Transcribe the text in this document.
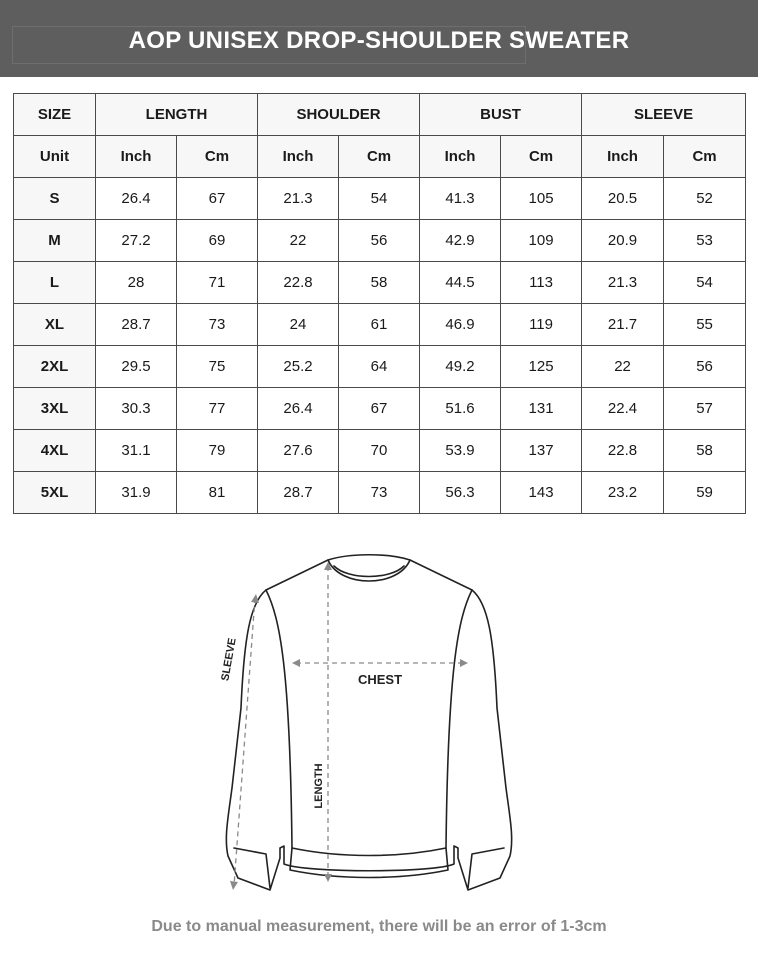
AOP UNISEX DROP-SHOULDER SWEATER
SIZE	LENGTH		SHOULDER		BUST		SLEEVE	
Unit	Inch	Cm	Inch	Cm	Inch	Cm	Inch	Cm
S	26.4	67	21.3	54	41.3	105	20.5	52
M	27.2	69	22	56	42.9	109	20.9	53
L	28	71	22.8	58	44.5	113	21.3	54
XL	28.7	73	24	61	46.9	119	21.7	55
2XL	29.5	75	25.2	64	49.2	125	22	56
3XL	30.3	77	26.4	67	51.6	131	22.4	57
4XL	31.1	79	27.6	70	53.9	137	22.8	58
5XL	31.9	81	28.7	73	56.3	143	23.2	59
CHEST
LENGTH
SLEEVE
Due to manual measurement, there will be an error of 1-3cm
